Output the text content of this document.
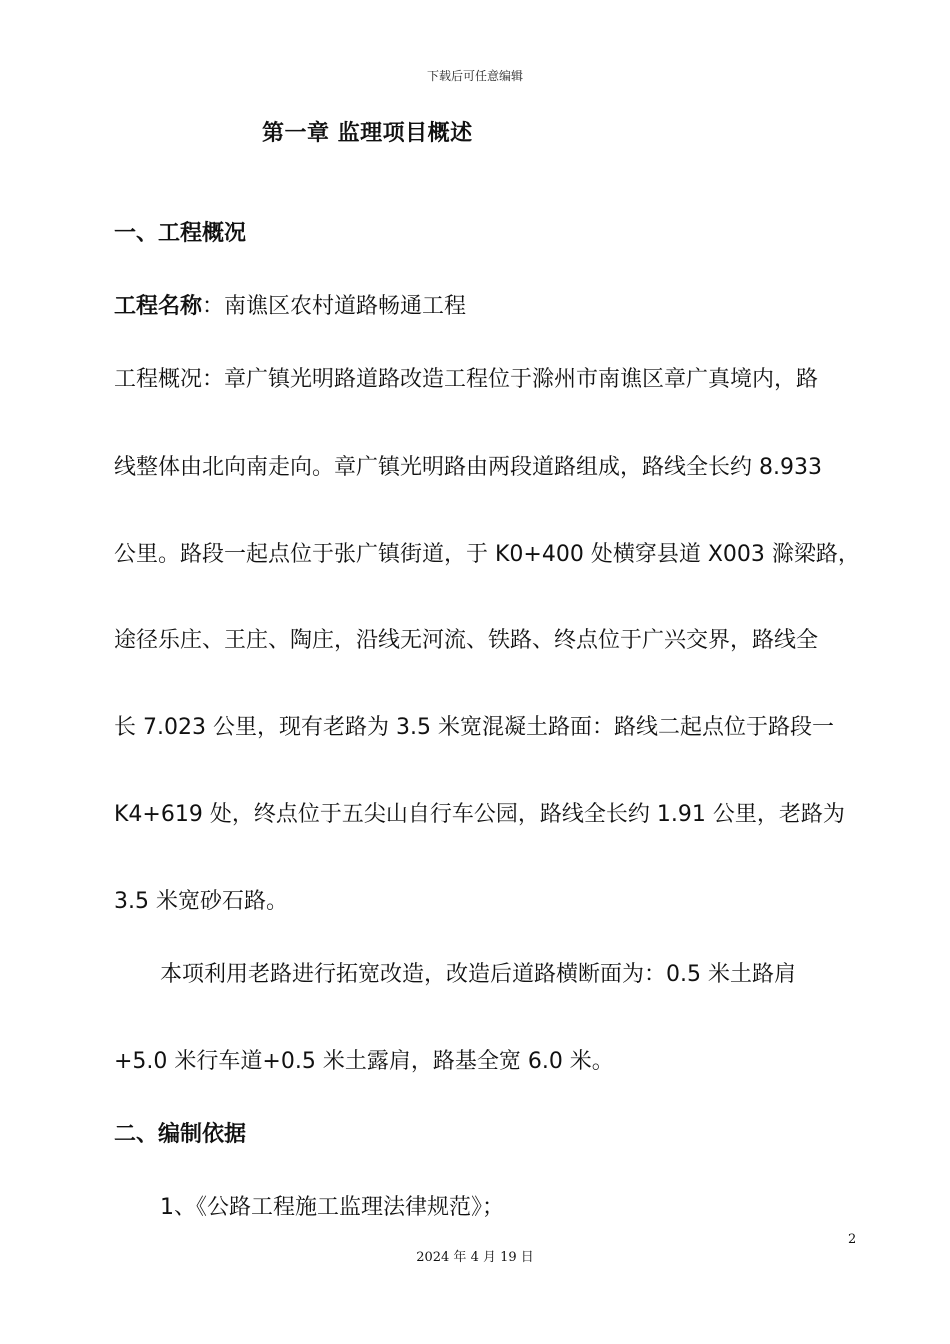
下载后可任意编辑
第一章 监理项目概述
一、工程概况
工程名称：南谯区农村道路畅通工程
工程概况：章广镇光明路道路改造工程位于滁州市南谯区章广真境内，路
线整体由北向南走向。章广镇光明路由两段道路组成，路线全长约 8.933
公里。路段一起点位于张广镇街道，于 K0+400 处横穿县道 X003 滁梁路，
途径乐庄、王庄、陶庄，沿线无河流、铁路、终点位于广兴交界，路线全
长 7.023 公里，现有老路为 3.5 米宽混凝土路面：路线二起点位于路段一
K4+619 处，终点位于五尖山自行车公园，路线全长约 1.91 公里，老路为
3.5 米宽砂石路。
本项利用老路进行拓宽改造，改造后道路横断面为：0.5 米土路肩
+5.0 米行车道+0.5 米土露肩，路基全宽 6.0 米。
二、编制依据
1、《公路工程施工监理法律规范》；
2
2024 年 4 月 19 日
